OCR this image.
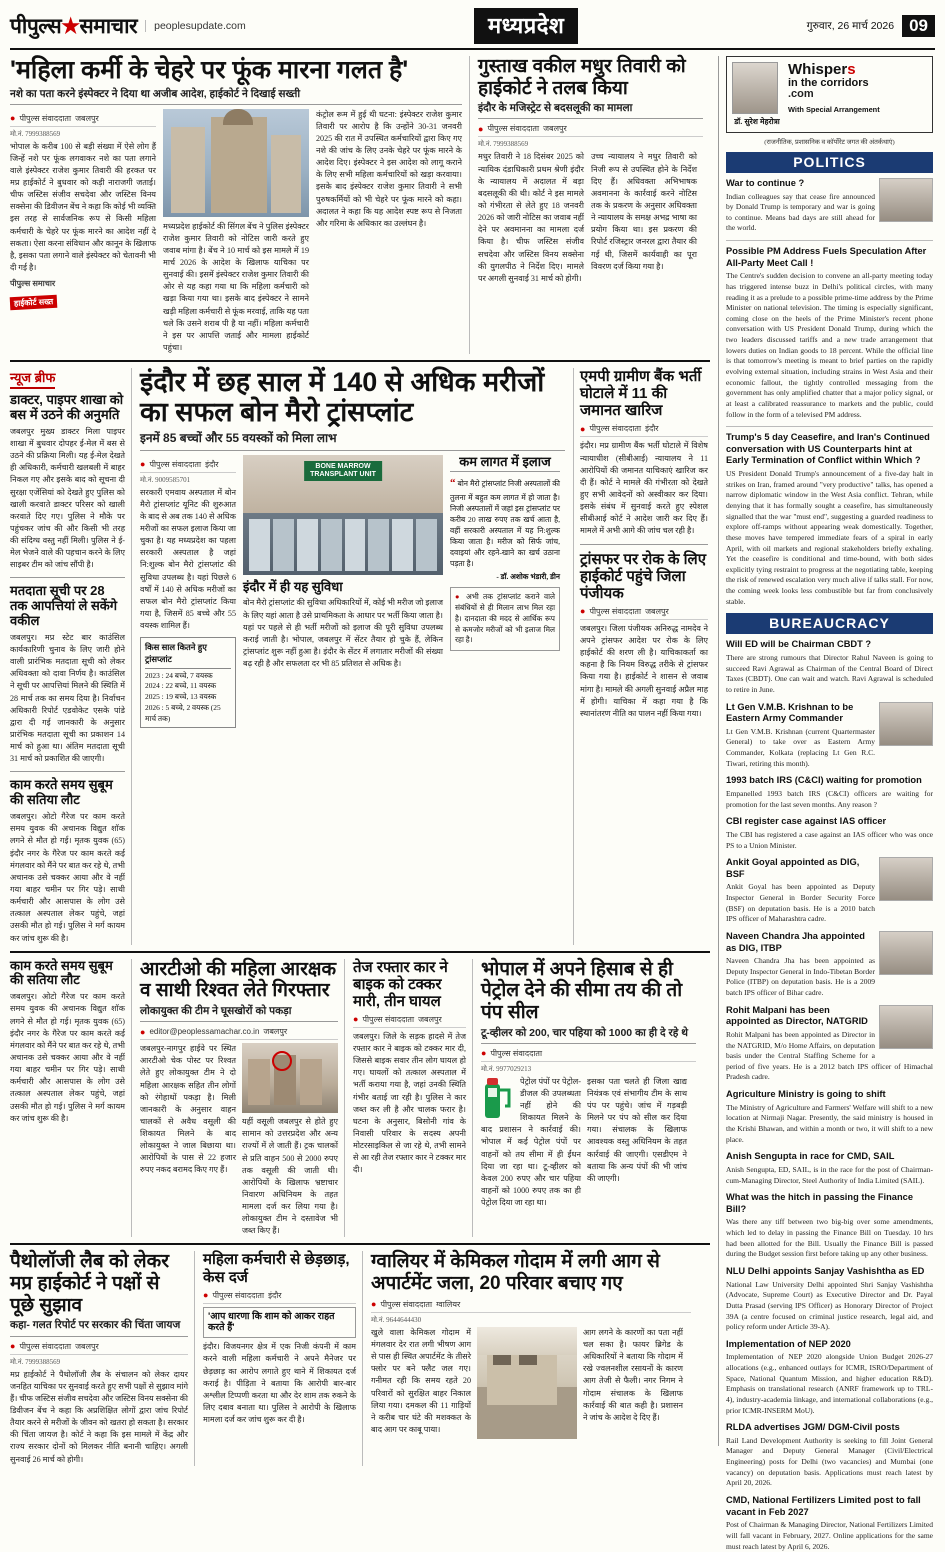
पीपुल्स★समाचार	peoplesupdate.com	मध्यप्रदेश	गुरुवार, 26 मार्च 2026 09
'महिला कर्मी के चेहरे पर फूंक मारना गलत है'
नशे का पता करने इंस्पेक्टर ने दिया था अजीब आदेश, हाईकोर्ट ने दिखाई सख्ती
● पीपुल्स संवाददाता जबलपुर
मो.नं. 7999388569
भोपाल के करीब 100 से बड़ी संख्या में ऐसे लोग हैं जिन्हें नशे पर फूंक लगवाकर नशे का पता लगाने वाले इंस्पेक्टर राजेश कुमार तिवारी की हरकत पर मप्र हाईकोर्ट ने बुधवार को कड़ी नाराजगी जताई। चीफ जस्टिस संजीव सचदेवा और जस्टिस विनय सक्सेना की डिवीजन बेंच ने कहा कि कोई भी व्यक्ति इस तरह से सार्वजनिक रूप से किसी महिला कर्मचारी के चेहरे पर फूंक मारने का आदेश नहीं दे सकता। ऐसा करना संविधान और कानून के खिलाफ है, इसका पता लगाने वाले इंस्पेक्टर को चेतावनी भी दी गई है।
पीपुल्स समाचार
हाईकोर्ट सख्त
मध्यप्रदेश हाईकोर्ट की सिंगल बेंच ने पुलिस इंस्पेक्टर राजेश कुमार तिवारी को नोटिस जारी करते हुए जवाब मांगा है। बेंच ने 10 मार्च को इस मामले में 19 मार्च 2026 के आदेश के खिलाफ याचिका पर सुनवाई की। इसमें इंस्पेक्टर राजेश कुमार तिवारी की ओर से यह कहा गया था कि महिला कर्मचारी को खड़ा किया गया था। इसके बाद इंस्पेक्टर ने सामने खड़ी महिला कर्मचारी से फूंक मरवाई, ताकि यह पता चले कि उसने शराब पी है या नहीं। महिला कर्मचारी ने इस पर आपत्ति जताई और मामला हाईकोर्ट पहुंचा।
कंट्रोल रूम में हुई थी घटना: इंस्पेक्टर राजेश कुमार तिवारी पर आरोप है कि उन्होंने 30-31 जनवरी 2025 की रात में उपस्थित कर्मचारियों द्वारा किए गए नशे की जांच के लिए उनके चेहरे पर फूंक मारने के आदेश दिए। इंस्पेक्टर ने इस आदेश को लागू कराने के लिए सभी महिला कर्मचारियों को खड़ा करवाया। इसके बाद इंस्पेक्टर राजेश कुमार तिवारी ने सभी पुरुषकर्मियों को भी चेहरे पर फूंक मारने को कहा। अदालत ने कहा कि यह आदेश स्पष्ट रूप से निजता और गरिमा के अधिकार का उल्लंघन है।
गुस्ताख वकील मधुर तिवारी को हाईकोर्ट ने तलब किया
इंदौर के मजिस्ट्रेट से बदसलूकी का मामला
● पीपुल्स संवाददाता जबलपुर
मो.नं. 7999388569
मधुर तिवारी ने 18 दिसंबर 2025 को न्यायिक दंडाधिकारी प्रथम श्रेणी इंदौर के न्यायालय में अदालत में बड़ा बदसलूकी की थी। कोर्ट ने इस मामले को गंभीरता से लेते हुए 18 जनवरी 2026 को जारी नोटिस का जवाब नहीं देने पर अवमानना का मामला दर्ज किया है। चीफ जस्टिस संजीव सचदेवा और जस्टिस विनय सक्सेना की युगलपीठ ने निर्देश दिए। मामले पर अगली सुनवाई 31 मार्च को होगी।
उच्च न्यायालय ने मधुर तिवारी को निजी रूप से उपस्थित होने के निर्देश दिए हैं। अधिवक्ता अभिभाषक अवमानना के कार्रवाई करने नोटिस तक के प्रकरण के अनुसार अधिवक्ता ने न्यायालय के समक्ष अभद्र भाषा का प्रयोग किया था। इस प्रकरण की रिपोर्ट रजिस्ट्रार जनरल द्वारा तैयार की गई थी, जिसमें कार्यवाही का पूरा विवरण दर्ज किया गया है।
न्यूज ब्रीफ
डाक्टर, पाइपर शाखा को बस में उठने की अनुमति
जबलपुर मुख्य डाक्टर मिला पाइपर शाखा में बुधवार दोपहर ई-मेल में बस से उठने की प्रक्रिया मिली। यह ई-मेल देखते ही अधिकारी, कर्मचारी खलबली में बाहर निकल गए और इसके बाद को सूचना दी सुरक्षा एजेंसियां को देखते हुए पुलिस को खाली करवाते डाक्टर परिसर को खाली करवाते दिए गए। पुलिस ने मौके पर पहुंचकर जांच की और किसी भी तरह की संदिग्ध वस्तु नहीं मिली। पुलिस ने ई-मेल भेजने वाले की पहचान करने के लिए साइबर टीम को जांच सौंपी है।
मतदाता सूची पर 28 तक आपत्तियां ले सकेंगे वकील
जबलपुर। मप्र स्टेट बार काउंसिल कार्यकारिणी चुनाव के लिए जारी होने वाली प्रारंभिक मतदाता सूची को लेकर अधिवक्ता को दावा निर्णय है। काउंसिल ने सूची पर आपत्तियां मिलने की स्थिति में 28 मार्च तक का समय दिया है। निर्वाचन अधिकारी रिपोर्ट एडवोकेट एसके पांडे द्वारा दी गई जानकारी के अनुसार प्रारंभिक मतदाता सूची का प्रकाशन 14 मार्च को हुआ था। अंतिम मतदाता सूची 31 मार्च को प्रकाशित की जाएगी।
काम करते समय सुबूम की सतिया लौट
जबलपुर। ओटो गैरेज पर काम करते समय युवक की अचानक विद्युत शॉक लगने से मौत हो गई। मृतक युवक (65) इंदौर नगर के गैरेज पर काम करते कई मंगलवार को मैंने पर बात कर रहे थे, तभी अचानक उसे चक्कर आया और वे नहीं गया बाहर चमीन पर गिर पड़े। साथी कर्मचारी और आसपास के लोग उसे तत्काल अस्पताल लेकर पहुंचे, जहां उसकी मौत हो गई। पुलिस ने मर्ग कायम कर जांच शुरू की है।
इंदौर में छह साल में 140 से अधिक मरीजों का सफल बोन मैरो ट्रांसप्लांट
इनमें 85 बच्चों और 55 वयस्कों को मिला लाभ
● पीपुल्स संवाददाता इंदौर
मो.नं. 9009585701
सरकारी एमवाय अस्पताल में बोन मैरो ट्रांसप्लांट यूनिट की शुरुआत के बाद से अब तक 140 से अधिक मरीजों का सफल इलाज किया जा चुका है। यह मध्यप्रदेश का पहला सरकारी अस्पताल है जहां नि:शुल्क बोन मैरो ट्रांसप्लांट की सुविधा उपलब्ध है। यहां पिछले 6 वर्षों में 140 से अधिक मरीजों का सफल बोन मैरो ट्रांसप्लांट किया गया है, जिसमें 85 बच्चे और 55 वयस्क शामिल हैं।
किस साल कितने हुए ट्रांसप्लांट
2023 : 24 बच्चे, 7 वयस्क
2024 : 22 बच्चे, 11 वयस्क
2025 : 19 बच्चे, 13 वयस्क
2026 : 5 बच्चे, 2 वयस्क (25 मार्च तक)
BONE MARROW
TRANSPLANT UNIT
इंदौर में ही यह सुविधा
बोन मैरो ट्रांसप्लांट की सुविधा अधिकारियों में, कोई भी मरीज जो इलाज के लिए यहां आता है उसे प्राथमिकता के आधार पर भर्ती किया जाता है। यहां पर पहले से ही भर्ती मरीजों को इलाज की पूरी सुविधा उपलब्ध कराई जाती है। भोपाल, जबलपुर में सेंटर तैयार हो चुके हैं, लेकिन ट्रांसप्लांट शुरू नहीं हुआ है। इंदौर के सेंटर में लगातार मरीजों की संख्या बढ़ रही है और सफलता दर भी 85 प्रतिशत से अधिक है।
कम लागत में इलाज
“ बोन मैरो ट्रांसप्लांट निजी अस्पतालों की तुलना में बहुत कम लागत में हो जाता है। निजी अस्पतालों में जहां इस ट्रांसप्लांट पर करीब 20 लाख रुपए तक खर्च आता है, वहीं सरकारी अस्पताल में यह नि:शुल्क किया जाता है। मरीज को सिर्फ जांच, दवाइयां और रहने-खाने का खर्च उठाना पड़ता है।
- डॉ. अशोक भंडारी, डीन
● अभी तक ट्रांसप्लांट कराने वाले संबंधियों से ही मिलान लाभ मिल रहा है। दानदाता की मदद से आर्थिक रूप से कमजोर मरीजों को भी इलाज मिल रहा है।
एमपी ग्रामीण बैंक भर्ती घोटाले में 11 की जमानत खारिज
● पीपुल्स संवाददाता इंदौर
इंदौर। मप्र ग्रामीण बैंक भर्ती घोटाले में विशेष न्यायाधीश (सीबीआई) न्यायालय ने 11 आरोपियों की जमानत याचिकाएं खारिज कर दी हैं। कोर्ट ने मामले की गंभीरता को देखते हुए सभी आवेदनों को अस्वीकार कर दिया। इसके संबंध में सुनवाई करते हुए स्पेशल सीबीआई कोर्ट ने आदेश जारी कर दिए हैं। मामले में अभी आगे की जांच चल रही है।
ट्रांसफर पर रोक के लिए हाईकोर्ट पहुंचे जिला पंजीयक
● पीपुल्स संवाददाता जबलपुर
जबलपुर। जिला पंजीयक अनिरुद्ध नामदेव ने अपने ट्रांसफर आदेश पर रोक के लिए हाईकोर्ट की शरण ली है। याचिकाकर्ता का कहना है कि नियम विरुद्ध तरीके से ट्रांसफर किया गया है। हाईकोर्ट ने शासन से जवाब मांगा है। मामले की अगली सुनवाई अप्रैल माह में होगी। याचिका में कहा गया है कि स्थानांतरण नीति का पालन नहीं किया गया।
काम करते समय सुबूम की सतिया लौट
जबलपुर। ओटो गैरेज पर काम करते समय युवक की अचानक विद्युत शॉक लगने से मौत हो गई। मृतक युवक (65) इंदौर नगर के गैरेज पर काम करते कई मंगलवार को मैंने पर बात कर रहे थे, तभी अचानक उसे चक्कर आया और वे नहीं गया बाहर चमीन पर गिर पड़े। साथी कर्मचारी और आसपास के लोग उसे तत्काल अस्पताल लेकर पहुंचे, जहां उसकी मौत हो गई। पुलिस ने मर्ग कायम कर जांच शुरू की है।
आरटीओ की महिला आरक्षक व साथी रिश्वत लेते गिरफ्तार
लोकायुक्त की टीम ने घूसखोरों को पकड़ा
● editor@peoplessamachar.co.in जबलपुर
जबलपुर-नागपुर हाईवे पर स्थित आरटीओ चेक पोस्ट पर रिश्वत लेते हुए लोकायुक्त टीम ने दो महिला आरक्षक सहित तीन लोगों को रंगेहाथों पकड़ा है। मिली जानकारी के अनुसार वाहन चालकों से अवैध वसूली की शिकायत मिलने के बाद लोकायुक्त ने जाल बिछाया था। आरोपियों के पास से 22 हजार रुपए नकद बरामद किए गए हैं।
यहीं वसूली जबलपुर से होते हुए सामान को उत्तरप्रदेश और अन्य राज्यों में ले जाती हैं। ट्रक चालकों से प्रति वाहन 500 से 2000 रुपए तक वसूली की जाती थी। आरोपियों के खिलाफ भ्रष्टाचार निवारण अधिनियम के तहत मामला दर्ज कर लिया गया है। लोकायुक्त टीम ने दस्तावेज भी जब्त किए हैं।
तेज रफ्तार कार ने बाइक को टक्कर मारी, तीन घायल
● पीपुल्स संवाददाता जबलपुर
जबलपुर। जिले के सड़क हादसे में तेज रफ्तार कार ने बाइक को टक्कर मार दी, जिससे बाइक सवार तीन लोग घायल हो गए। घायलों को तत्काल अस्पताल में भर्ती कराया गया है, जहां उनकी स्थिति गंभीर बताई जा रही है। पुलिस ने कार जब्त कर ली है और चालक फरार है। घटना के अनुसार, बिसोनी गांव के निवासी परिवार के सदस्य अपनी मोटरसाइकिल से जा रहे थे, तभी सामने से आ रही तेज रफ्तार कार ने टक्कर मार दी।
भोपाल में अपने हिसाब से ही पेट्रोल देने की सीमा तय की तो पंप सील
टू-व्हीलर को 200, चार पहिया को 1000 का ही दे रहे थे
● पीपुल्स संवाददाता
मो.नं. 9977029213
पेट्रोल पंपों पर पेट्रोल-डीजल की उपलब्धता नहीं होने की शिकायत मिलने के बाद प्रशासन ने कार्रवाई की। भोपाल में कई पेट्रोल पंपों पर वाहनों को तय सीमा में ही ईंधन दिया जा रहा था। टू-व्हीलर को केवल 200 रुपए और चार पहिया वाहनों को 1000 रुपए तक का ही पेट्रोल दिया जा रहा था।
इसका पता चलते ही जिला खाद्य नियंत्रक एवं संभागीय टीम के साथ पंप पर पहुंचे। जांच में गड़बड़ी मिलने पर पंप को सील कर दिया गया। संचालक के खिलाफ आवश्यक वस्तु अधिनियम के तहत कार्रवाई की जाएगी। एसडीएम ने बताया कि अन्य पंपों की भी जांच की जाएगी।
पैथोलॉजी लैब को लेकर मप्र हाईकोर्ट ने पक्षों से पूछे सुझाव
कहा- गलत रिपोर्ट पर सरकार की चिंता जायज
● पीपुल्स संवाददाता जबलपुर
मो.नं. 7999388569
मप्र हाईकोर्ट ने पैथोलॉजी लैब के संचालन को लेकर दायर जनहित याचिका पर सुनवाई करते हुए सभी पक्षों से सुझाव मांगे हैं। चीफ जस्टिस संजीव सचदेवा और जस्टिस विनय सक्सेना की डिवीजन बेंच ने कहा कि अप्रशिक्षित लोगों द्वारा जांच रिपोर्ट तैयार करने से मरीजों के जीवन को खतरा हो सकता है। सरकार की चिंता जायज है। कोर्ट ने कहा कि इस मामले में केंद्र और राज्य सरकार दोनों को मिलकर नीति बनानी चाहिए। अगली सुनवाई 26 मार्च को होगी।
महिला कर्मचारी से छेड़छाड़, केस दर्ज
● पीपुल्स संवाददाता इंदौर
'आप धारणा कि शाम को आकर राहत करते हैं'
इंदौर। विजयनगर क्षेत्र में एक निजी कंपनी में काम करने वाली महिला कर्मचारी ने अपने मैनेजर पर छेड़छाड़ का आरोप लगाते हुए थाने में शिकायत दर्ज कराई है। पीड़िता ने बताया कि आरोपी बार-बार अश्लील टिप्पणी करता था और देर शाम तक रुकने के लिए दबाव बनाता था। पुलिस ने आरोपी के खिलाफ मामला दर्ज कर जांच शुरू कर दी है।
ग्वालियर में केमिकल गोदाम में लगी आग से अपार्टमेंट जला, 20 परिवार बचाए गए
● पीपुल्स संवाददाता ग्वालियर
मो.नं. 9644644430
खुले वाला केमिकल गोदाम में मंगलवार देर रात लगी भीषण आग से पास ही स्थित अपार्टमेंट के तीसरे फ्लोर पर बने फ्लैट जल गए। गनीमत रही कि समय रहते 20 परिवारों को सुरक्षित बाहर निकाल लिया गया। दमकल की 11 गाड़ियों ने करीब चार घंटे की मशक्कत के बाद आग पर काबू पाया।
आग लगने के कारणों का पता नहीं चल सका है। फायर ब्रिगेड के अधिकारियों ने बताया कि गोदाम में रखे ज्वलनशील रसायनों के कारण आग तेजी से फैली। नगर निगम ने गोदाम संचालक के खिलाफ कार्रवाई की बात कही है। प्रशासन ने जांच के आदेश दे दिए हैं।
डॉ. सुरेश मेहरोत्रा
Whispers
in the corridors
.com
With Special Arrangement
(राजनीतिक, प्रशासनिक व कॉर्पोरेट जगत की अंतर्कथाएं)
POLITICS
War to continue ?
Indian colleagues say that cease fire announced by Donald Trump is temporary and war is going to continue. Means bad days are still ahead for the world.
Possible PM Address Fuels Speculation After All-Party Meet Call !
The Centre's sudden decision to convene an all-party meeting today has triggered intense buzz in Delhi's political circles, with many reading it as a prelude to a possible prime-time address by the Prime Minister on national television. The timing is especially significant, coming close on the heels of the Prime Minister's recent phone conversation with US President Donald Trump, during which the two leaders discussed tariffs and a new trade arrangement that lowers duties on Indian goods to 18 percent. While the official line is that tomorrow's meeting is meant to brief parties on the rapidly evolving external situation, including strains in West Asia and their economic fallout, the tightly controlled messaging from the government has only amplified chatter that a major policy signal, or at least a calibrated reassurance to markets and the public, could follow in the form of a televised PM address.
Trump's 5 day Ceasefire, and Iran's Continued conversation with US Counterparts hint at Early Termination of Conflict within Which ?
US President Donald Trump's announcement of a five-day halt in strikes on Iran, framed around "very productive" talks, has opened a narrow diplomatic window in the West Asia conflict. Tehran, while denying that it has formally sought a ceasefire, has simultaneously signalled that the war "must end", suggesting a guarded readiness to explore off-ramps without appearing weak domestically. Together, these moves have tempered immediate fears of a spiral in early April, with oil markets and regional stakeholders briefly exhaling. Yet the ceasefire is conditional and time-bound, with both sides explicitly tying restraint to progress at the negotiating table, keeping the risk of renewed escalation very much alive if talks stall. For now, the coming week looks less combustible but far from conclusively stable.
BUREAUCRACY
Will ED will be Chairman CBDT ?
There are strong rumours that Director Rahul Naveen is going to succeed Ravi Agrawal as Chairman of the Central Board of Direct Taxes (CBDT). One can wait and watch. Ravi Agrawal is scheduled to retire in June.
Lt Gen V.M.B. Krishnan to be Eastern Army Commander
Lt Gen V.M.B. Krishnan (current Quartermaster General) to take over as Eastern Army Commander, Kolkata (replacing Lt Gen R.C. Tiwari, retiring this month).
1993 batch IRS (C&CI) waiting for promotion
Empanelled 1993 batch IRS (C&CI) officers are waiting for promotion for the last seven months. Any reason ?
CBI register case against IAS officer
The CBI has registered a case against an IAS officer who was once PS to a Union Minister.
Ankit Goyal appointed as DIG, BSF
Ankit Goyal has been appointed as Deputy Inspector General in Border Security Force (BSF) on deputation basis. He is a 2010 batch IPS officer of Maharashtra cadre.
Naveen Chandra Jha appointed as DIG, ITBP
Naveen Chandra Jha has been appointed as Deputy Inspector General in Indo-Tibetan Border Police (ITBP) on deputation basis. He is a 2009 batch IPS officer of Bihar cadre.
Rohit Malpani has been appointed as Director, NATGRID
Rohit Malpani has been appointed as Director in the NATGRID, M/o Home Affairs, on deputation basis under the Central Staffing Scheme for a period of five years. He is a 2012 batch IPS officer of Himachal Pradesh cadre.
Agriculture Ministry is going to shift
The Ministry of Agriculture and Farmers' Welfare will shift to a new location at Nirmaji Nagar. Presently, the said ministry is housed in the Krishi Bhawan, and within a month or two, it will shift to a new place.
Anish Sengupta in race for CMD, SAIL
Anish Sengupta, ED, SAIL, is in the race for the post of Chairman-cum-Managing Director, Steel Authority of India Limited (SAIL).
What was the hitch in passing the Finance Bill?
Was there any tiff between two big-big over some amendments, which led to delay in passing the Finance Bill on Tuesday. 10 hrs had been allotted for the Bill. Usually the Finance Bill is passed during the Budget session first before taking up any other business.
NLU Delhi appoints Sanjay Vashishtha as ED
National Law University Delhi appointed Shri Sanjay Vashishtha (Advocate, Supreme Court) as Executive Director and Dr. Payal Dutta Prasad (serving IPS Officer) as Honorary Director of Project 39A (a centre focused on criminal justice research, legal aid, and policy reform under Article 39-A).
Implementation of NEP 2020
Implementation of NEP 2020 alongside Union Budget 2026-27 allocations (e.g., enhanced outlays for ICMR, ISRO/Department of Space, National Quantum Mission, and higher education R&D). Emphasis on translational research (ANRF framework up to TRL-4), industry-academia linkage, and international collaborations (e.g., prior ICMR-INSERM MoU).
RLDA advertises JGM/ DGM-Civil posts
Rail Land Development Authority is seeking to fill Joint General Manager and Deputy General Manager (Civil/Electrical Engineering) posts for Delhi (two vacancies) and Mumbai (one vacancy) on deputation basis. Applications must reach latest by April 20, 2026.
CMD, National Fertilizers Limited post to fall vacant in Feb 2027
Post of Chairman & Managing Director, National Fertilizers Limited will fall vacant in February, 2027. Online applications for the same must reach latest by April 6, 2026.
